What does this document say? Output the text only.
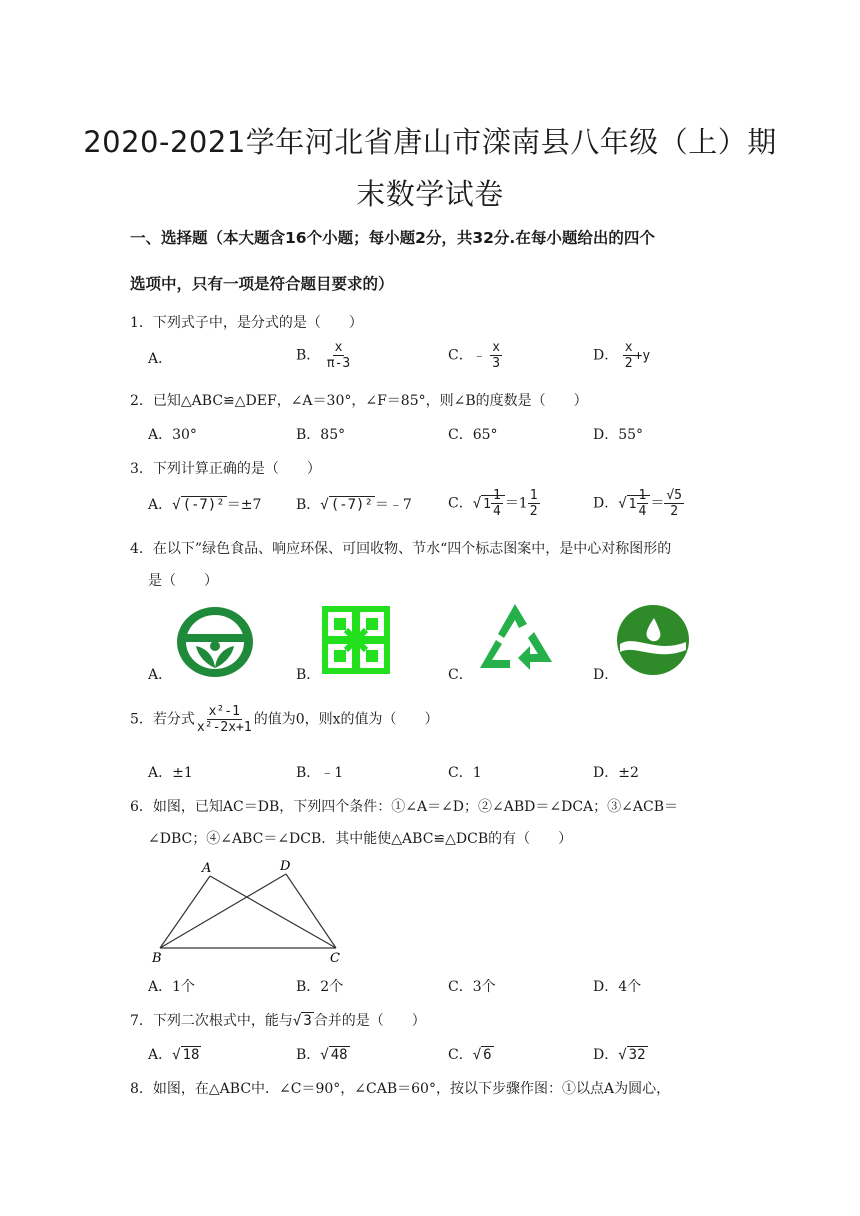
2020-2021学年河北省唐山市滦南县八年级（上）期
末数学试卷
一、选择题（本大题含16个小题；每小题2分，共32分.在每小题给出的四个
选项中，只有一项是符合题目要求的）
1．下列式子中，是分式的是（　　）
A．	B． $\frac{x}{\pi-3}$	C．﹣ $\frac{x}{3}$	D． $\frac{x}{2} +y$
2．已知△ABC≌△DEF，∠A＝30°，∠F＝85°，则∠B的度数是（　　）
A．30°	B．85°	C．65°	D．55°
3．下列计算正确的是（　　）
A．√ (-7)² ＝±7 B．√ (-7)² ＝﹣7	C．√ $1 \frac{1}{4} =1 \frac{1}{2}$	D．√ $1 \frac{1}{4} = \frac{√5}{2}$
4．在以下”绿色食品、响应环保、可回收物、节水“四个标志图案中，是中心对称图形的
是（　　）
A．	B．	C．	D．
5．若分式 $\frac{\text{x²-1}}{\text{x²-2x+1}}$ 的值为0，则x的值为（　　）
A．±1	B．﹣1	C．1	D．±2
6．如图，已知AC＝DB，下列四个条件：①∠A＝∠D；②∠ABD＝∠DCA；③∠ACB＝
∠DBC；④∠ABC＝∠DCB．其中能使△ABC≌△DCB的有（　　）
A	D
B	C
A．1个	B．2个	C．3个	D．4个
7．下列二次根式中，能与√ 3 合并的是（　　）
A．√ 18	B．√ 48	C．√ 6	D．√ 32
8．如图，在△ABC中．∠C＝90°，∠CAB＝60°，按以下步骤作图：①以点A为圆心，
